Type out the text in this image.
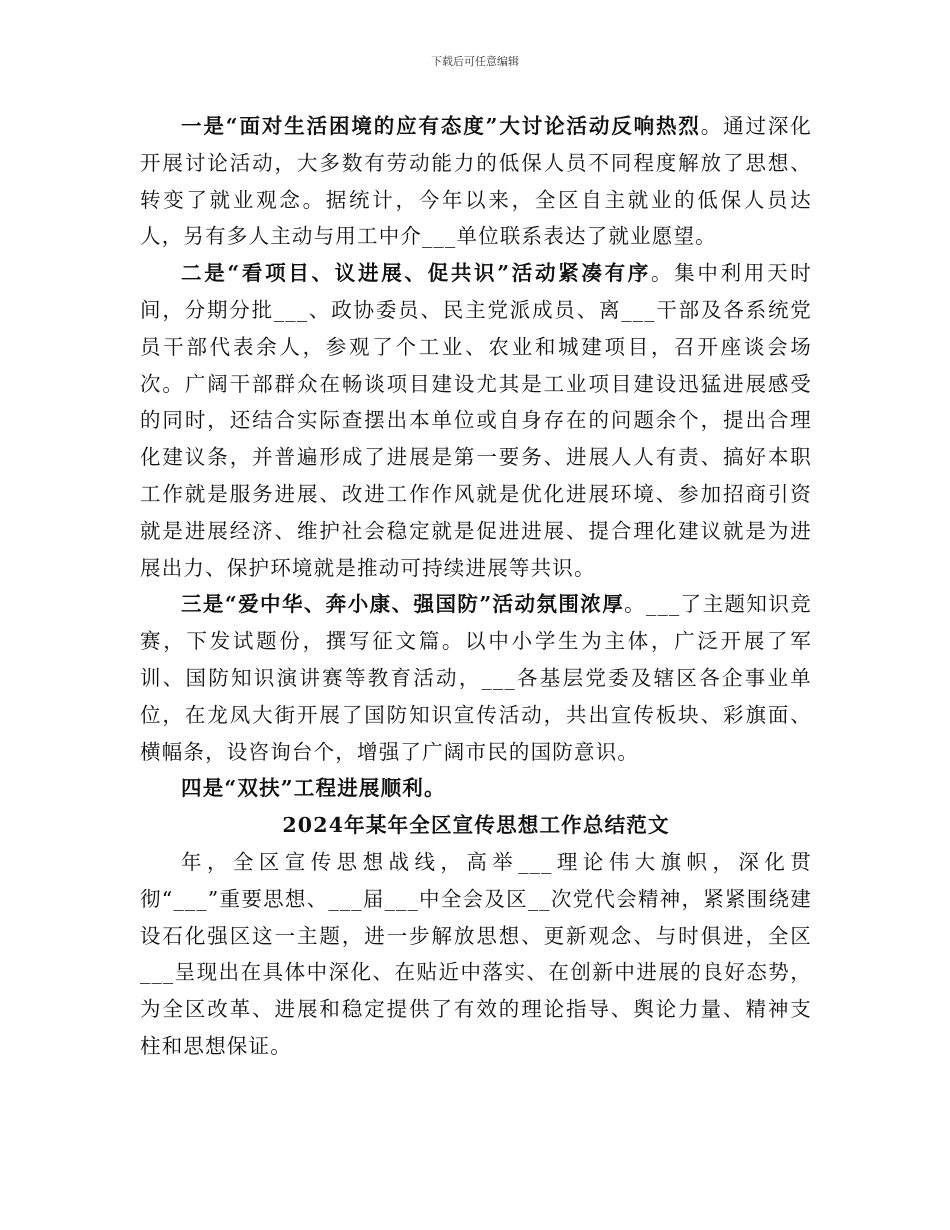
下载后可任意编辑

一是“面对生活困境的应有态度”大讨论活动反响热烈。通过深化开展讨论活动，大多数有劳动能力的低保人员不同程度解放了思想、转变了就业观念。据统计，今年以来，全区自主就业的低保人员达人，另有多人主动与用工中介___单位联系表达了就业愿望。

二是“看项目、议进展、促共识”活动紧凑有序。集中利用天时间，分期分批___、政协委员、民主党派成员、离___干部及各系统党员干部代表余人，参观了个工业、农业和城建项目，召开座谈会场次。广阔干部群众在畅谈项目建设尤其是工业项目建设迅猛进展感受的同时，还结合实际查摆出本单位或自身存在的问题余个，提出合理化建议条，并普遍形成了进展是第一要务、进展人人有责、搞好本职工作就是服务进展、改进工作作风就是优化进展环境、参加招商引资就是进展经济、维护社会稳定就是促进进展、提合理化建议就是为进展出力、保护环境就是推动可持续进展等共识。

三是“爱中华、奔小康、强国防”活动氛围浓厚。___了主题知识竞赛，下发试题份，撰写征文篇。以中小学生为主体，广泛开展了军训、国防知识演讲赛等教育活动，___各基层党委及辖区各企事业单位，在龙凤大街开展了国防知识宣传活动，共出宣传板块、彩旗面、横幅条，设咨询台个，增强了广阔市民的国防意识。

四是“双扶”工程进展顺利。

2024年某年全区宣传思想工作总结范文

年，全区宣传思想战线，高举___理论伟大旗帜，深化贯彻“___”重要思想、___届___中全会及区__次党代会精神，紧紧围绕建设石化强区这一主题，进一步解放思想、更新观念、与时俱进，全区___呈现出在具体中深化、在贴近中落实、在创新中进展的良好态势，为全区改革、进展和稳定提供了有效的理论指导、舆论力量、精神支柱和思想保证。
